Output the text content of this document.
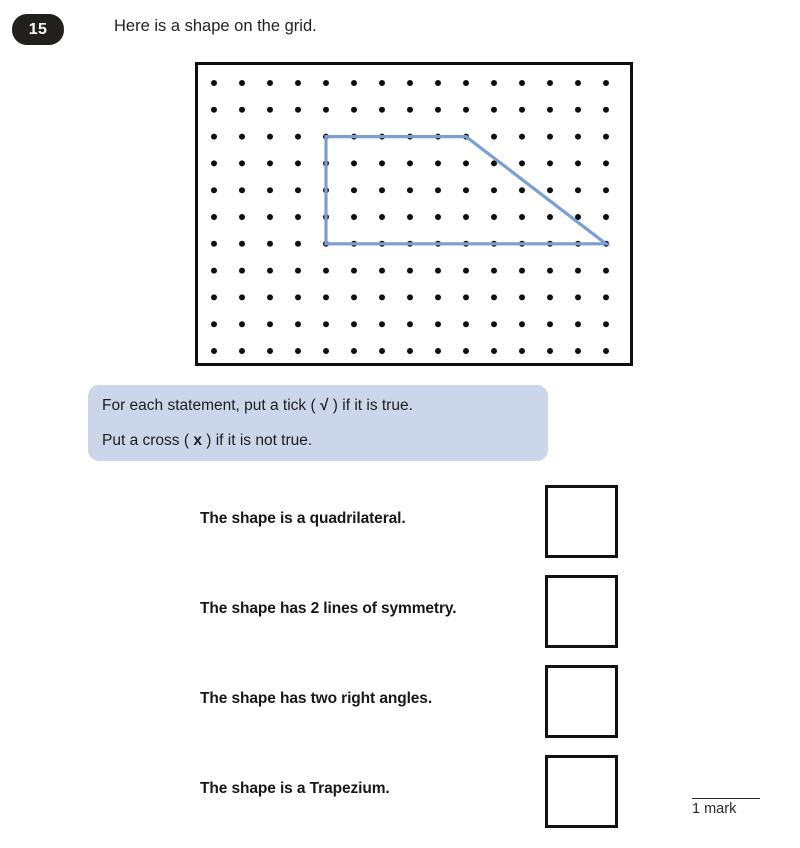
15	Here is a shape on the grid.
For each statement, put a tick ( √ ) if it is true.
Put a cross ( x ) if it is not true.
The shape is a quadrilateral.
The shape has 2 lines of symmetry.
The shape has two right angles.
The shape is a Trapezium.
1 mark
